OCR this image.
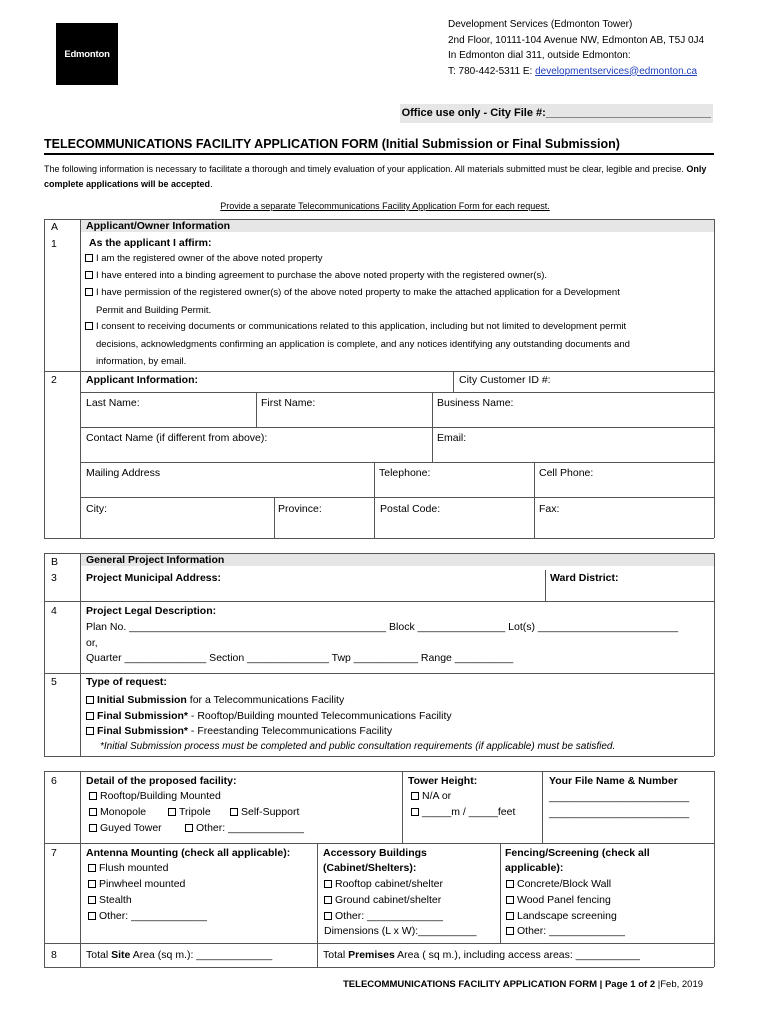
Edmonton
Development Services (Edmonton Tower)
2nd Floor, 10111-104 Avenue NW, Edmonton AB, T5J 0J4
In Edmonton dial 311, outside Edmonton:
T: 780-442-5311 E: developmentservices@edmonton.ca
Office use only - City File #:___________________________
TELECOMMUNICATIONS FACILITY APPLICATION FORM (Initial Submission or Final Submission)
The following information is necessary to facilitate a thorough and timely evaluation of your application. All materials submitted must be clear, legible and precise. Only complete applications will be accepted.
Provide a separate Telecommunications Facility Application Form for each request.
A	Applicant/Owner Information
1	As the applicant I affirm:
I am the registered owner of the above noted property
I have entered into a binding agreement to purchase the above noted property with the registered owner(s).
I have permission of the registered owner(s) of the above noted property to make the attached application for a Development
Permit and Building Permit.
I consent to receiving documents or communications related to this application, including but not limited to development permit
decisions, acknowledgments confirming an application is complete, and any notices identifying any outstanding documents and
information, by email.
2	Applicant Information:	City Customer ID #:
Last Name:	First Name:	Business Name:
Contact Name (if different from above):	Email:
Mailing Address	Telephone:	Cell Phone:
City:	Province:	Postal Code:	Fax:
B	General Project Information
3	Project Municipal Address:	Ward District:
4	Project Legal Description:
Plan No. ____________________________________________ Block _______________ Lot(s) ________________________
or,
Quarter ______________ Section ______________ Twp ___________ Range __________
5	Type of request:
Initial Submission for a Telecommunications Facility
Final Submission* - Rooftop/Building mounted Telecommunications Facility
Final Submission* - Freestanding Telecommunications Facility
*Initial Submission process must be completed and public consultation requirements (if applicable) must be satisfied.
6	Detail of the proposed facility:
Rooftop/Building Mounted
Monopole	Tripole	Self-Support
Guyed Tower	Other: _____________
Tower Height:
N/A or
_____m / _____feet
Your File Name & Number
________________________
________________________
7	Antenna Mounting (check all applicable):
Flush mounted
Pinwheel mounted
Stealth
Other: _____________
Accessory Buildings
(Cabinet/Shelters):
Rooftop cabinet/shelter
Ground cabinet/shelter
Other: _____________
Dimensions (L x W):__________
Fencing/Screening (check all
applicable):
Concrete/Block Wall
Wood Panel fencing
Landscape screening
Other: _____________
8	Total Site Area (sq m.): _____________	Total Premises Area ( sq m.), including access areas: ___________
TELECOMMUNICATIONS FACILITY APPLICATION FORM | Page 1 of 2 |Feb, 2019
